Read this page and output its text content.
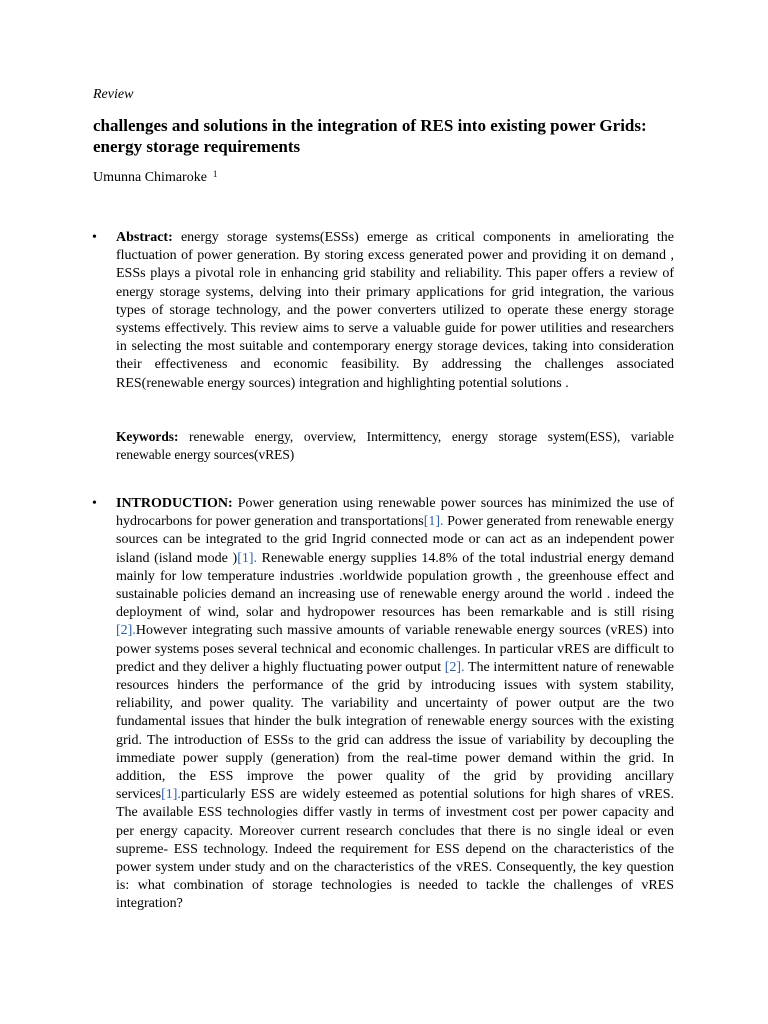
Review
challenges and solutions in the integration of RES into existing power Grids: energy storage requirements
Umunna Chimaroke $^1$
• Abstract: energy storage systems(ESSs) emerge as critical components in ameliorating the fluctuation of power generation. By storing excess generated power and providing it on demand , ESSs plays a pivotal role in enhancing grid stability and reliability. This paper offers a review of energy storage systems, delving into their primary applications for grid integration, the various types of storage technology, and the power converters utilized to operate these energy storage systems effectively. This review aims to serve a valuable guide for power utilities and researchers in selecting the most suitable and contemporary energy storage devices, taking into consideration their effectiveness and economic feasibility. By addressing the challenges associated RES(renewable energy sources) integration and highlighting potential solutions .
Keywords: renewable energy, overview, Intermittency, energy storage system(ESS), variable renewable energy sources(vRES)
• INTRODUCTION: Power generation using renewable power sources has minimized the use of hydrocarbons for power generation and transportations[1]. Power generated from renewable energy sources can be integrated to the grid Ingrid connected mode or can act as an independent power island (island mode )[1]. Renewable energy supplies 14.8% of the total industrial energy demand mainly for low temperature industries .worldwide population growth , the greenhouse effect and sustainable policies demand an increasing use of renewable energy around the world . indeed the deployment of wind, solar and hydropower resources has been remarkable and is still rising [2].However integrating such massive amounts of variable renewable energy sources (vRES) into power systems poses several technical and economic challenges. In particular vRES are difficult to predict and they deliver a highly fluctuating power output [2]. The intermittent nature of renewable resources hinders the performance of the grid by introducing issues with system stability, reliability, and power quality. The variability and uncertainty of power output are the two fundamental issues that hinder the bulk integration of renewable energy sources with the existing grid. The introduction of ESSs to the grid can address the issue of variability by decoupling the immediate power supply (generation) from the real-time power demand within the grid. In addition, the ESS improve the power quality of the grid by providing ancillary services[1].particularly ESS are widely esteemed as potential solutions for high shares of vRES. The available ESS technologies differ vastly in terms of investment cost per power capacity and per energy capacity. Moreover current research concludes that there is no single ideal or even supreme- ESS technology. Indeed the requirement for ESS depend on the characteristics of the power system under study and on the characteristics of the vRES. Consequently, the key question is: what combination of storage technologies is needed to tackle the challenges of vRES integration?
